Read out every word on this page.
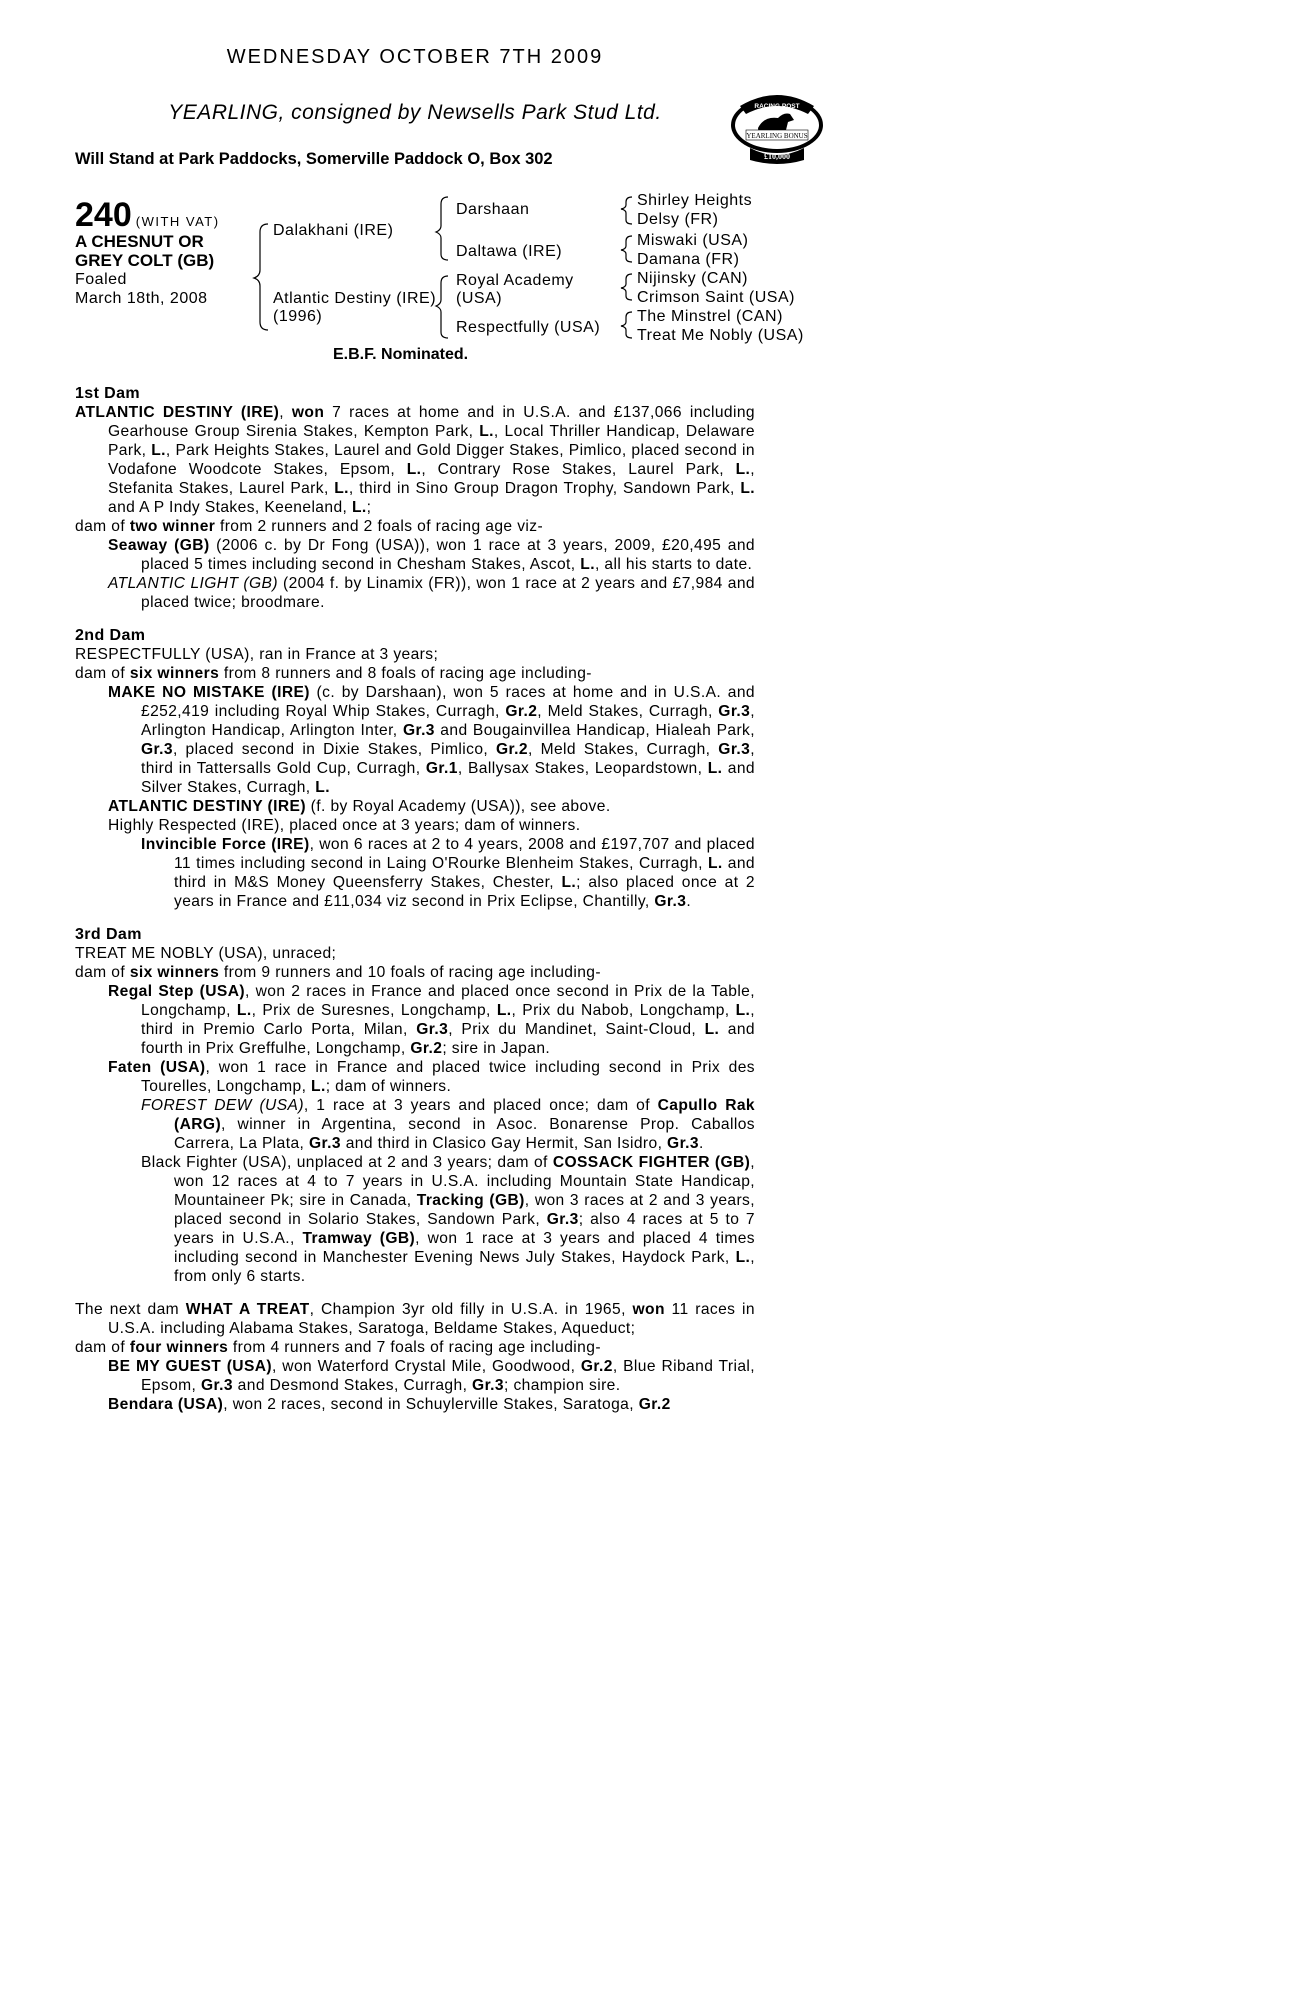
WEDNESDAY OCTOBER 7TH 2009
YEARLING, consigned by Newsells Park Stud Ltd.
Will Stand at Park Paddocks, Somerville Paddock O, Box 302
RACING POST
YEARLING BONUS
£10,000
240 (WITH VAT)
A CHESNUT OR
GREY COLT (GB)
Foaled
March 18th, 2008
Dalakhani (IRE)
Atlantic Destiny (IRE)
(1996)
Darshaan
Daltawa (IRE)
Royal Academy
(USA)
Respectfully (USA)
Shirley Heights
Delsy (FR)
Miswaki (USA)
Damana (FR)
Nijinsky (CAN)
Crimson Saint (USA)
The Minstrel (CAN)
Treat Me Nobly (USA)
E.B.F. Nominated.

1st Dam

ATLANTIC DESTINY (IRE), won 7 races at home and in U.S.A. and £137,066 including Gearhouse Group Sirenia Stakes, Kempton Park, L., Local Thriller Handicap, Delaware Park, L., Park Heights Stakes, Laurel and Gold Digger Stakes, Pimlico, placed second in Vodafone Woodcote Stakes, Epsom, L., Contrary Rose Stakes, Laurel Park, L., Stefanita Stakes, Laurel Park, L., third in Sino Group Dragon Trophy, Sandown Park, L. and A P Indy Stakes, Keeneland, L.;

dam of two winner from 2 runners and 2 foals of racing age viz-

Seaway (GB) (2006 c. by Dr Fong (USA)), won 1 race at 3 years, 2009, £20,495 and placed 5 times including second in Chesham Stakes, Ascot, L., all his starts to date.

ATLANTIC LIGHT (GB) (2004 f. by Linamix (FR)), won 1 race at 2 years and £7,984 and placed twice; broodmare.

2nd Dam

RESPECTFULLY (USA), ran in France at 3 years;

dam of six winners from 8 runners and 8 foals of racing age including-

MAKE NO MISTAKE (IRE) (c. by Darshaan), won 5 races at home and in U.S.A. and £252,419 including Royal Whip Stakes, Curragh, Gr.2, Meld Stakes, Curragh, Gr.3, Arlington Handicap, Arlington Inter, Gr.3 and Bougainvillea Handicap, Hialeah Park, Gr.3, placed second in Dixie Stakes, Pimlico, Gr.2, Meld Stakes, Curragh, Gr.3, third in Tattersalls Gold Cup, Curragh, Gr.1, Ballysax Stakes, Leopardstown, L. and Silver Stakes, Curragh, L.

ATLANTIC DESTINY (IRE) (f. by Royal Academy (USA)), see above.

Highly Respected (IRE), placed once at 3 years; dam of winners.

Invincible Force (IRE), won 6 races at 2 to 4 years, 2008 and £197,707 and placed 11 times including second in Laing O'Rourke Blenheim Stakes, Curragh, L. and third in M&S Money Queensferry Stakes, Chester, L.; also placed once at 2 years in France and £11,034 viz second in Prix Eclipse, Chantilly, Gr.3.

3rd Dam

TREAT ME NOBLY (USA), unraced;

dam of six winners from 9 runners and 10 foals of racing age including-

Regal Step (USA), won 2 races in France and placed once second in Prix de la Table, Longchamp, L., Prix de Suresnes, Longchamp, L., Prix du Nabob, Longchamp, L., third in Premio Carlo Porta, Milan, Gr.3, Prix du Mandinet, Saint-Cloud, L. and fourth in Prix Greffulhe, Longchamp, Gr.2; sire in Japan.

Faten (USA), won 1 race in France and placed twice including second in Prix des Tourelles, Longchamp, L.; dam of winners.

FOREST DEW (USA), 1 race at 3 years and placed once; dam of Capullo Rak (ARG), winner in Argentina, second in Asoc. Bonarense Prop. Caballos Carrera, La Plata, Gr.3 and third in Clasico Gay Hermit, San Isidro, Gr.3.

Black Fighter (USA), unplaced at 2 and 3 years; dam of COSSACK FIGHTER (GB), won 12 races at 4 to 7 years in U.S.A. including Mountain State Handicap, Mountaineer Pk; sire in Canada, Tracking (GB), won 3 races at 2 and 3 years, placed second in Solario Stakes, Sandown Park, Gr.3; also 4 races at 5 to 7 years in U.S.A., Tramway (GB), won 1 race at 3 years and placed 4 times including second in Manchester Evening News July Stakes, Haydock Park, L., from only 6 starts.

The next dam WHAT A TREAT, Champion 3yr old filly in U.S.A. in 1965, won 11 races in U.S.A. including Alabama Stakes, Saratoga, Beldame Stakes, Aqueduct;

dam of four winners from 4 runners and 7 foals of racing age including-

BE MY GUEST (USA), won Waterford Crystal Mile, Goodwood, Gr.2, Blue Riband Trial, Epsom, Gr.3 and Desmond Stakes, Curragh, Gr.3; champion sire.

Bendara (USA), won 2 races, second in Schuylerville Stakes, Saratoga, Gr.2
